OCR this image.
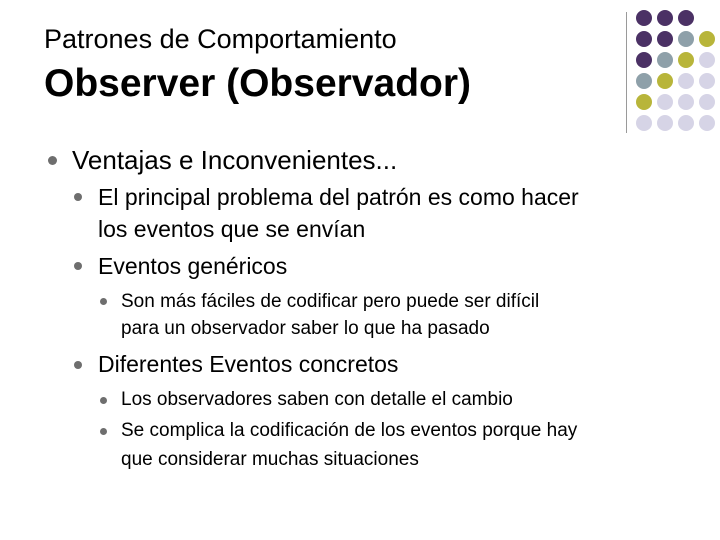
Patrones de Comportamiento
Observer (Observador)
Ventajas e Inconvenientes...
El principal problema del patrón es como hacer
los eventos que se envían
Eventos genéricos
Son más fáciles de codificar pero puede ser difícil
para un observador saber lo que ha pasado
Diferentes Eventos concretos
Los observadores saben con detalle el cambio
Se complica la codificación de los eventos porque hay
que considerar muchas situaciones
